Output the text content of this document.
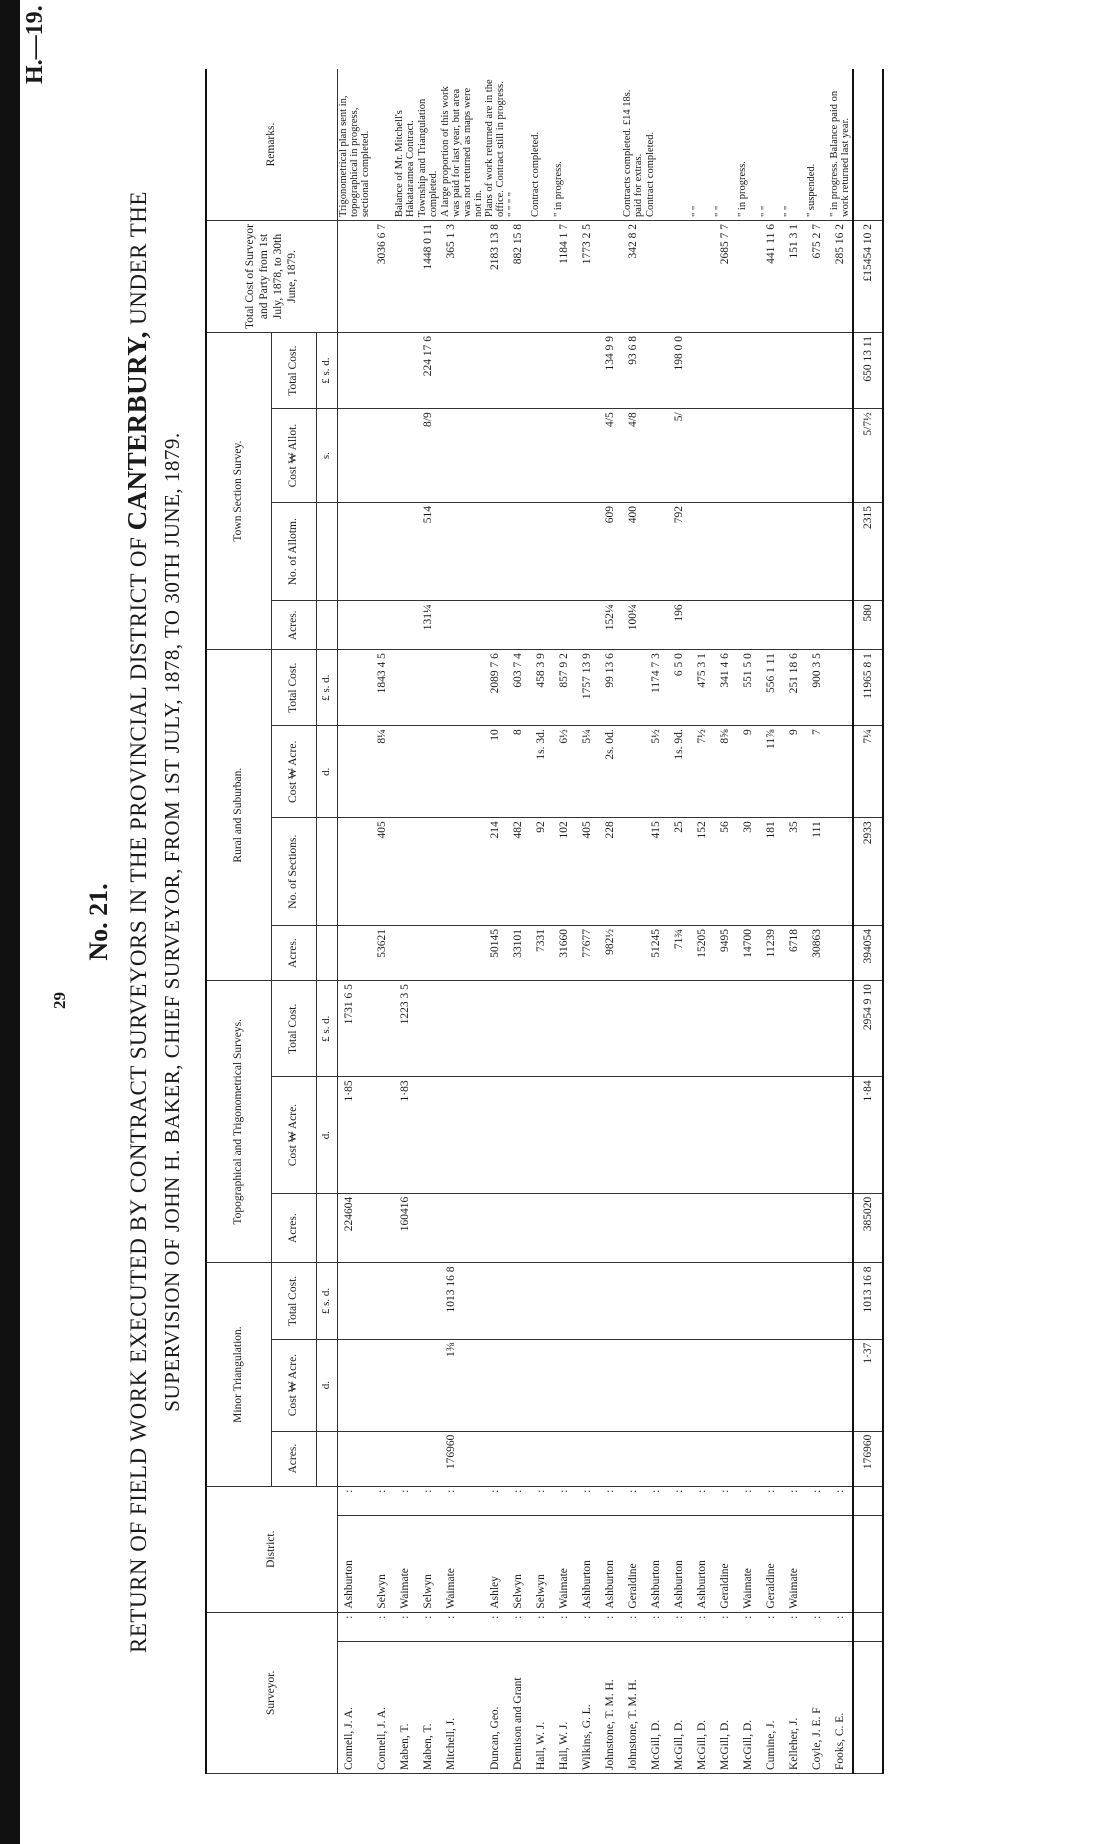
H.—19.
29
No. 21. RETURN OF FIELD WORK EXECUTED BY CONTRACT SURVEYORS IN THE PROVINCIAL DISTRICT OF CANTERBURY, UNDER THE
SUPERVISION OF JOHN H. BAKER, CHIEF SURVEYOR, FROM 1ST JULY, 1878, TO 30TH JUNE, 1879.
Surveyor.		District.		Minor Triangulation.			Topographical and Trigonometrical Surveys.			Rural and Suburban.				Town Section Survey.				Total Cost of Surveyor and Party from 1st July, 1878, to 30th June, 1879.	Remarks.
				Acres.	Cost ₩ Acre.	Total Cost.	Acres.	Cost ₩ Acre.	Total Cost.	Acres.	No. of Sections.	Cost ₩ Acre.	Total Cost.	Acres.	No. of Allotm.	Cost ₩ Allot.	Total Cost.		
					d.	£ s. d.		d.	£ s. d.			d.	£ s. d.			s.	£ s. d.		
Connell, J. A.	:	Ashburton	:				224604	1·85	1731 6 5										Trigonometrical plan sent in, topographical in progress, sectional completed.
Connell, J. A.	:	Selwyn	:							53621	405	8¼	1843 4 5					3036 6 7	
Maben, T.	:	Waimate	:				160416	1·83	1223 3 5										Balance of Mr. Mitchell's Hakataramea Contract.
Maben, T.	:	Selwyn	:											131¼	514	8/9	224 17 6	1448 0 11	Township and Triangulation completed.
Mitchell, J.	:	Waimate	:	176960	1⅜	1013 16 8												365 1 3	A large proportion of this work was paid for last year, but area was not returned as maps were not in.
Duncan, Geo.	:	Ashley	:							50145	214	10	2089 7 6					2183 13 8	Plans of work returned are in the office. Contract still in progress.
Dennison and Grant	:	Selwyn	:							33101	482	8	603 7 4					882 15 8	" " " "
Hall, W. J.	:	Selwyn	:							7331	92	1s. 3d.	458 3 9						Contract completed.
Hall, W. J.	:	Waimate	:							31660	102	6½	857 9 2					1184 1 7	" in progress.
Wilkins, G. L.	:	Ashburton	:							77677	405	5¼	1757 13 9					1773 2 5	
Johnstone, T. M. H.	:	Ashburton	:							982½	228	2s. 0d.	99 13 6	152¼	609	4/5	134 9 9		
Johnstone, T. M. H.	:	Geraldine	:											100¼	400	4/8	93 6 8	342 8 2	Contracts completed. £14 18s. paid for extras.
McGill, D.	:	Ashburton	:							51245	415	5½	1174 7 3						Contract completed.
McGill, D.	:	Ashburton	:							71¾	25	1s. 9d.	6 5 0	196	792	5/	198 0 0		
McGill, D.	:	Ashburton	:							15205	152	7½	475 3 1						" "
McGill, D.	:	Geraldine	:							9495	56	8⅝	341 4 6					2685 7 7	" "
McGill, D.	:	Waimate	:							14700	30	9	551 5 0						" in progress.
Cumine, J.	:	Geraldine	:							11239	181	11⅞	556 1 11					441 11 6	" "
Kelleher, J.	:	Waimate	:							6718	35	9	251 18 6					151 3 1	" "
Coyle, J. E. F	:		:							30863	111	7	900 3 5					675 2 7	" suspended.
Fooks, C. E.	:		:															285 16 2	" in progress. Balance paid on work returned last year.
				176960	1·37	1013 16 8	385020	1·84	2954 9 10	394054	2933	7¼	11965 8 1	580	2315	5/7½	650 13 11	£15454 10 2	
